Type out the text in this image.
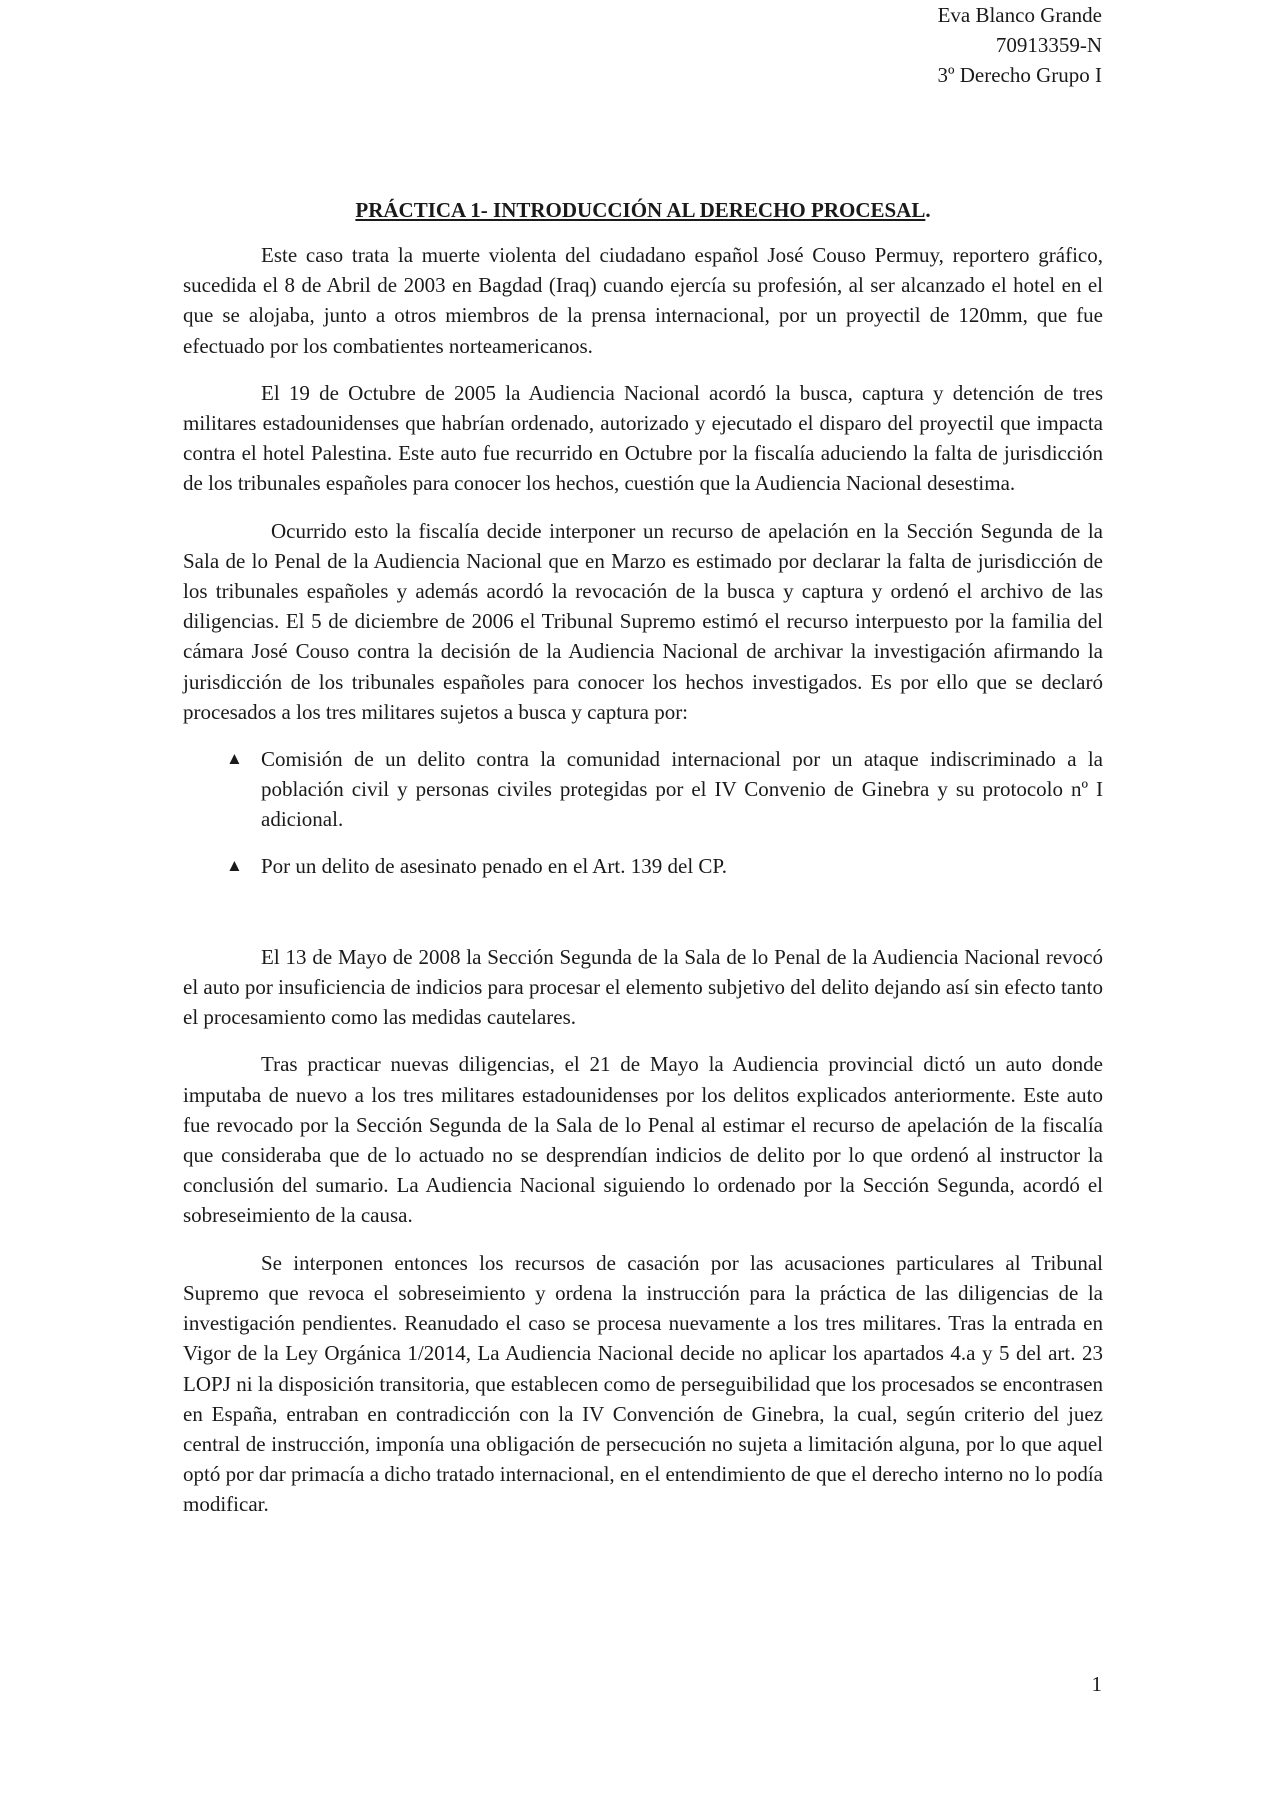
Eva Blanco Grande
70913359-N
3º Derecho Grupo I
PRÁCTICA 1- INTRODUCCIÓN AL DERECHO PROCESAL.

Este caso trata la muerte violenta del ciudadano español José Couso Permuy, reportero gráfico, sucedida el 8 de Abril de 2003 en Bagdad (Iraq) cuando ejercía su profesión, al ser alcanzado el hotel en el que se alojaba, junto a otros miembros de la prensa internacional, por un proyectil de 120mm, que fue efectuado por los combatientes norteamericanos.

El 19 de Octubre de 2005 la Audiencia Nacional acordó la busca, captura y detención de tres militares estadounidenses que habrían ordenado, autorizado y ejecutado el disparo del proyectil que impacta contra el hotel Palestina. Este auto fue recurrido en Octubre por la fiscalía aduciendo la falta de jurisdicción de los tribunales españoles para conocer los hechos, cuestión que la Audiencia Nacional desestima.

Ocurrido esto la fiscalía decide interponer un recurso de apelación en la Sección Segunda de la Sala de lo Penal de la Audiencia Nacional que en Marzo es estimado por declarar la falta de jurisdicción de los tribunales españoles y además acordó la revocación de la busca y captura y ordenó el archivo de las diligencias. El 5 de diciembre de 2006 el Tribunal Supremo estimó el recurso interpuesto por la familia del cámara José Couso contra la decisión de la Audiencia Nacional de archivar la investigación afirmando la jurisdicción de los tribunales españoles para conocer los hechos investigados. Es por ello que se declaró procesados a los tres militares sujetos a busca y captura por:

▲ Comisión de un delito contra la comunidad internacional por un ataque indiscriminado a la población civil y personas civiles protegidas por el IV Convenio de Ginebra y su protocolo nº I adicional.
▲ Por un delito de asesinato penado en el Art. 139 del CP.

El 13 de Mayo de 2008 la Sección Segunda de la Sala de lo Penal de la Audiencia Nacional revocó el auto por insuficiencia de indicios para procesar el elemento subjetivo del delito dejando así sin efecto tanto el procesamiento como las medidas cautelares.

Tras practicar nuevas diligencias, el 21 de Mayo la Audiencia provincial dictó un auto donde imputaba de nuevo a los tres militares estadounidenses por los delitos explicados anteriormente. Este auto fue revocado por la Sección Segunda de la Sala de lo Penal al estimar el recurso de apelación de la fiscalía que consideraba que de lo actuado no se desprendían indicios de delito por lo que ordenó al instructor la conclusión del sumario. La Audiencia Nacional siguiendo lo ordenado por la Sección Segunda, acordó el sobreseimiento de la causa.

Se interponen entonces los recursos de casación por las acusaciones particulares al Tribunal Supremo que revoca el sobreseimiento y ordena la instrucción para la práctica de las diligencias de la investigación pendientes. Reanudado el caso se procesa nuevamente a los tres militares. Tras la entrada en Vigor de la Ley Orgánica 1/2014, La Audiencia Nacional decide no aplicar los apartados 4.a y 5 del art. 23 LOPJ ni la disposición transitoria, que establecen como de perseguibilidad que los procesados se encontrasen en España, entraban en contradicción con la IV Convención de Ginebra, la cual, según criterio del juez central de instrucción, imponía una obligación de persecución no sujeta a limitación alguna, por lo que aquel optó por dar primacía a dicho tratado internacional, en el entendimiento de que el derecho interno no lo podía modificar.

1
